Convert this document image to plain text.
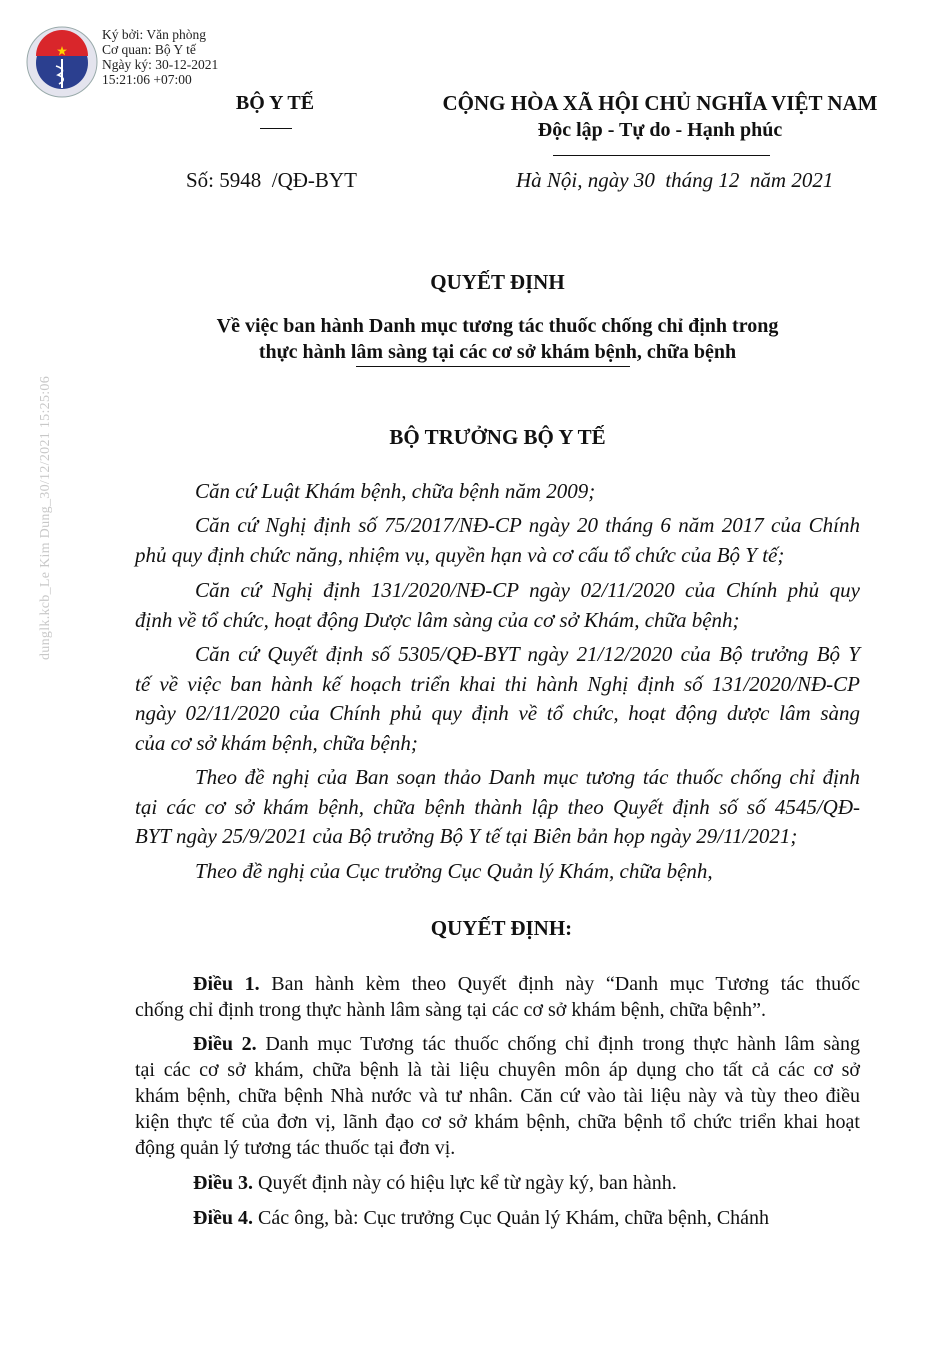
Ký bởi: Văn phòng
Cơ quan: Bộ Y tế
Ngày ký: 30-12-2021
15:21:06 +07:00
dunglk.kcb_Le Kim Dung_30/12/2021 15:25:06
BỘ Y TẾ	CỘNG HÒA XÃ HỘI CHỦ NGHĨA VIỆT NAM
Độc lập - Tự do - Hạnh phúc
Số: 5948  /QĐ-BYT	Hà Nội, ngày 30  tháng 12  năm 2021
QUYẾT ĐỊNH
Về việc ban hành Danh mục tương tác thuốc chống chỉ định trong
thực hành lâm sàng tại các cơ sở khám bệnh, chữa bệnh
BỘ TRƯỞNG BỘ Y TẾ
Căn cứ Luật Khám bệnh, chữa bệnh năm 2009;
Căn cứ Nghị định số 75/2017/NĐ-CP ngày 20 tháng 6 năm 2017 của Chính
phủ quy định chức năng, nhiệm vụ, quyền hạn và cơ cấu tổ chức của Bộ Y tế;
Căn cứ Nghị định 131/2020/NĐ-CP ngày 02/11/2020 của Chính phủ quy
định về tổ chức, hoạt động Dược lâm sàng của cơ sở Khám, chữa bệnh;
Căn cứ Quyết định số 5305/QĐ-BYT ngày 21/12/2020 của Bộ trưởng Bộ Y
tế về việc ban hành kế hoạch triển khai thi hành Nghị định số 131/2020/NĐ-CP
ngày 02/11/2020 của Chính phủ quy định về tổ chức, hoạt động dược lâm sàng
của cơ sở khám bệnh, chữa bệnh;
Theo đề nghị của Ban soạn thảo Danh mục tương tác thuốc chống chỉ định
tại các cơ sở khám bệnh, chữa bệnh thành lập theo Quyết định số số 4545/QĐ-
BYT ngày 25/9/2021 của Bộ trưởng Bộ Y tế tại Biên bản họp ngày 29/11/2021;
Theo đề nghị của Cục trưởng Cục Quản lý Khám, chữa bệnh,
QUYẾT ĐỊNH:
Điều 1. Ban hành kèm theo Quyết định này “Danh mục Tương tác thuốc
chống chỉ định trong thực hành lâm sàng tại các cơ sở khám bệnh, chữa bệnh”.
Điều 2. Danh mục Tương tác thuốc chống chỉ định trong thực hành lâm sàng
tại các cơ sở khám, chữa bệnh là tài liệu chuyên môn áp dụng cho tất cả các cơ sở
khám bệnh, chữa bệnh Nhà nước và tư nhân. Căn cứ vào tài liệu này và tùy theo điều
kiện thực tế của đơn vị, lãnh đạo cơ sở khám bệnh, chữa bệnh tổ chức triển khai hoạt
động quản lý tương tác thuốc tại đơn vị.
Điều 3. Quyết định này có hiệu lực kể từ ngày ký, ban hành.
Điều 4. Các ông, bà: Cục trưởng Cục Quản lý Khám, chữa bệnh, Chánh
